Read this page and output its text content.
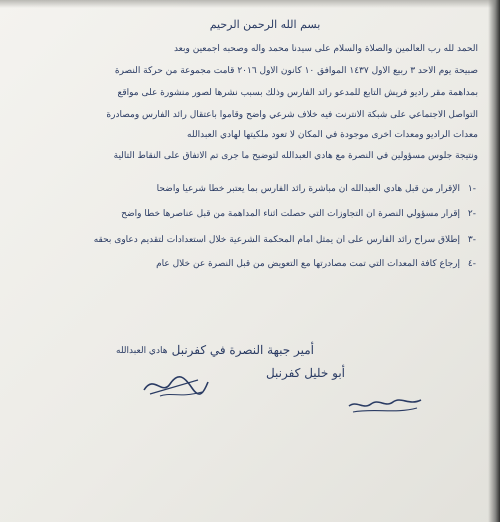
بسم الله الرحمن الرحيم
الحمد لله رب العالمين والصلاة والسلام على سيدنا محمد وآله وصحبه أجمعين وبعد
صبيحة يوم الأحد ٣ ربيع الأول ١٤٣٧ الموافق ١٠ كانون الأول ٢٠١٦ قامت مجموعة من حركة النصرة
بمداهمة مقر راديو فريش التابع للمدعو رائد الفارس وذلك بسبب نشرها لصور منشورة على مواقع
التواصل الاجتماعي على شبكة الانترنت فيه خلاف شرعي واضح وقاموا باعتقال رائد الفارس ومصادرة
معدات الراديو ومعدات أخرى موجودة في المكان لا تعود ملكيتها لهادي العبدالله
ونتيجة جلوس مسؤولين في النصرة مع هادي العبدالله لتوضيح ما جرى تم الاتفاق على النقاط التالية
١-
الإقرار من قبل هادي العبدالله أن مباشرة رائد الفارس بما يعتبر خطأ شرعياً واضحاً
٢-
إقرار مسؤولي النصرة أن التجاوزات التي حصلت أثناء المداهمة من قبل عناصرها خطأ واضح
٣-
إطلاق سراح رائد الفارس على أن يمثل أمام المحكمة الشرعية خلال استعدادات لتقديم دعاوى بحقه
٤-
إرجاع كافة المعدات التي تمت مصادرتها مع التعويض من قبل النصرة عن خلال عام
أمير جبهة النصرة في كفرنبل
أبو خليل كفرنبل
هادي العبدالله
